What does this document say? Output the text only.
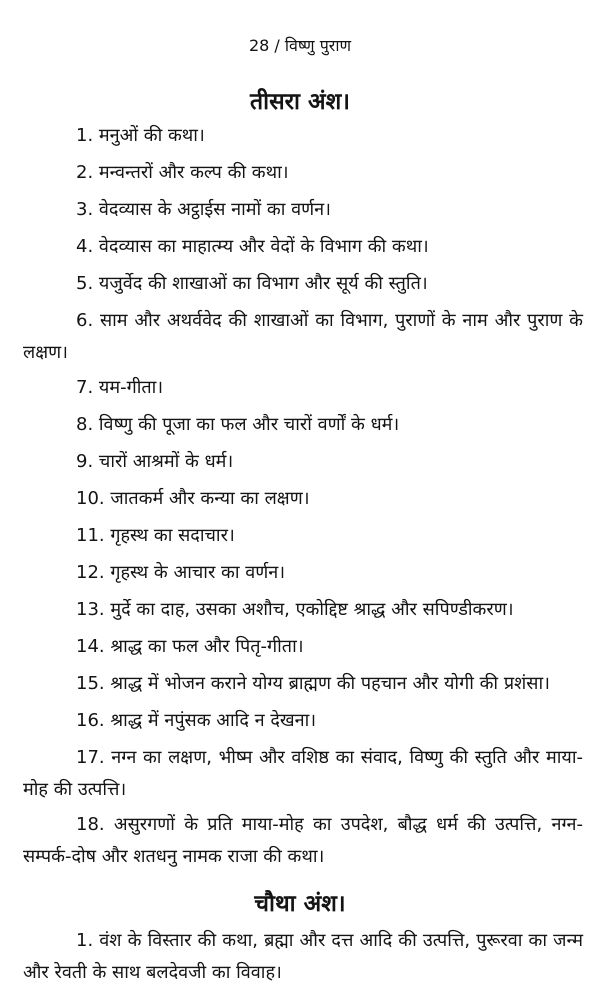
28 / विष्णु पुराण
तीसरा अंश।

1. मनुओं की कथा।

2. मन्वन्तरों और कल्प की कथा।

3. वेदव्यास के अट्ठाईस नामों का वर्णन।

4. वेदव्यास का माहात्म्य और वेदों के विभाग की कथा।

5. यजुर्वेद की शाखाओं का विभाग और सूर्य की स्तुति।

6. साम और अथर्ववेद की शाखाओं का विभाग, पुराणों के नाम और पुराण के लक्षण।

7. यम-गीता।

8. विष्णु की पूजा का फल और चारों वर्णों के धर्म।

9. चारों आश्रमों के धर्म।

10. जातकर्म और कन्या का लक्षण।

11. गृहस्थ का सदाचार।

12. गृहस्थ के आचार का वर्णन।

13. मुर्दे का दाह, उसका अशौच, एकोद्दिष्ट श्राद्ध और सपिण्डीकरण।

14. श्राद्ध का फल और पितृ-गीता।

15. श्राद्ध में भोजन कराने योग्य ब्राह्मण की पहचान और योगी की प्रशंसा।

16. श्राद्ध में नपुंसक आदि न देखना।

17. नग्न का लक्षण, भीष्म और वशिष्ठ का संवाद, विष्णु की स्तुति और माया-मोह की उत्पत्ति।

18. असुरगणों के प्रति माया-मोह का उपदेश, बौद्ध धर्म की उत्पत्ति, नग्न-सम्पर्क-दोष और शतधनु नामक राजा की कथा।

चौथा अंश।

1. वंश के विस्तार की कथा, ब्रह्मा और दत्त आदि की उत्पत्ति, पुरूरवा का जन्म और रेवती के साथ बलदेवजी का विवाह।
